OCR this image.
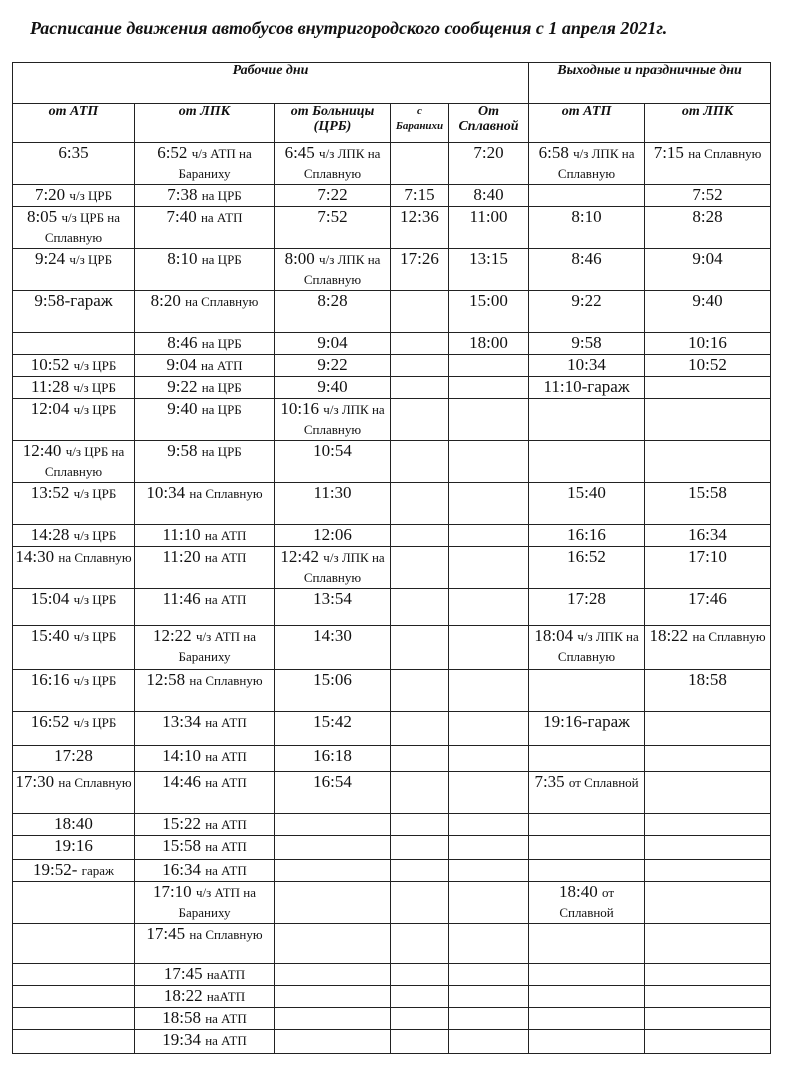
Расписание движения автобусов внутригородского сообщения с 1 апреля 2021г.
Рабочие дни					Выходные и праздничные дни	
от АТП	от ЛПК	от Больницы (ЦРБ)	с Баранихи	От Сплавной	от АТП	от ЛПК
6:35	6:52 ч/з АТП на Бараниху	6:45 ч/з ЛПК на Сплавную		7:20	6:58 ч/з ЛПК на Сплавную	7:15 на Сплавную
7:20 ч/з ЦРБ	7:38 на ЦРБ	7:22	7:15	8:40		7:52
8:05 ч/з ЦРБ на Сплавную	7:40 на АТП	7:52	12:36	11:00	8:10	8:28
9:24 ч/з ЦРБ	8:10 на ЦРБ	8:00 ч/з ЛПК на Сплавную	17:26	13:15	8:46	9:04
9:58-гараж	8:20 на Сплавную	8:28		15:00	9:22	9:40
	8:46 на ЦРБ	9:04		18:00	9:58	10:16
10:52 ч/з ЦРБ	9:04 на АТП	9:22			10:34	10:52
11:28 ч/з ЦРБ	9:22 на ЦРБ	9:40			11:10-гараж	
12:04 ч/з ЦРБ	9:40 на ЦРБ	10:16 ч/з ЛПК на Сплавную				
12:40 ч/з ЦРБ на Сплавную	9:58 на ЦРБ	10:54				
13:52 ч/з ЦРБ	10:34 на Сплавную	11:30			15:40	15:58
14:28 ч/з ЦРБ	11:10 на АТП	12:06			16:16	16:34
14:30 на Сплавную	11:20 на АТП	12:42 ч/з ЛПК на Сплавную			16:52	17:10
15:04 ч/з ЦРБ	11:46 на АТП	13:54			17:28	17:46
15:40 ч/з ЦРБ	12:22 ч/з АТП на Бараниху	14:30			18:04 ч/з ЛПК на Сплавную	18:22 на Сплавную
16:16 ч/з ЦРБ	12:58 на Сплавную	15:06				18:58
16:52 ч/з ЦРБ	13:34 на АТП	15:42			19:16-гараж	
17:28	14:10 на АТП	16:18				
17:30 на Сплавную	14:46 на АТП	16:54			7:35 от Сплавной	
18:40	15:22 на АТП					
19:16	15:58 на АТП					
19:52- гараж	16:34 на АТП					
	17:10 ч/з АТП на Бараниху				18:40 от Сплавной	
	17:45 на Сплавную					
	17:45 наАТП					
	18:22 наАТП					
	18:58 на АТП					
	19:34 на АТП					
